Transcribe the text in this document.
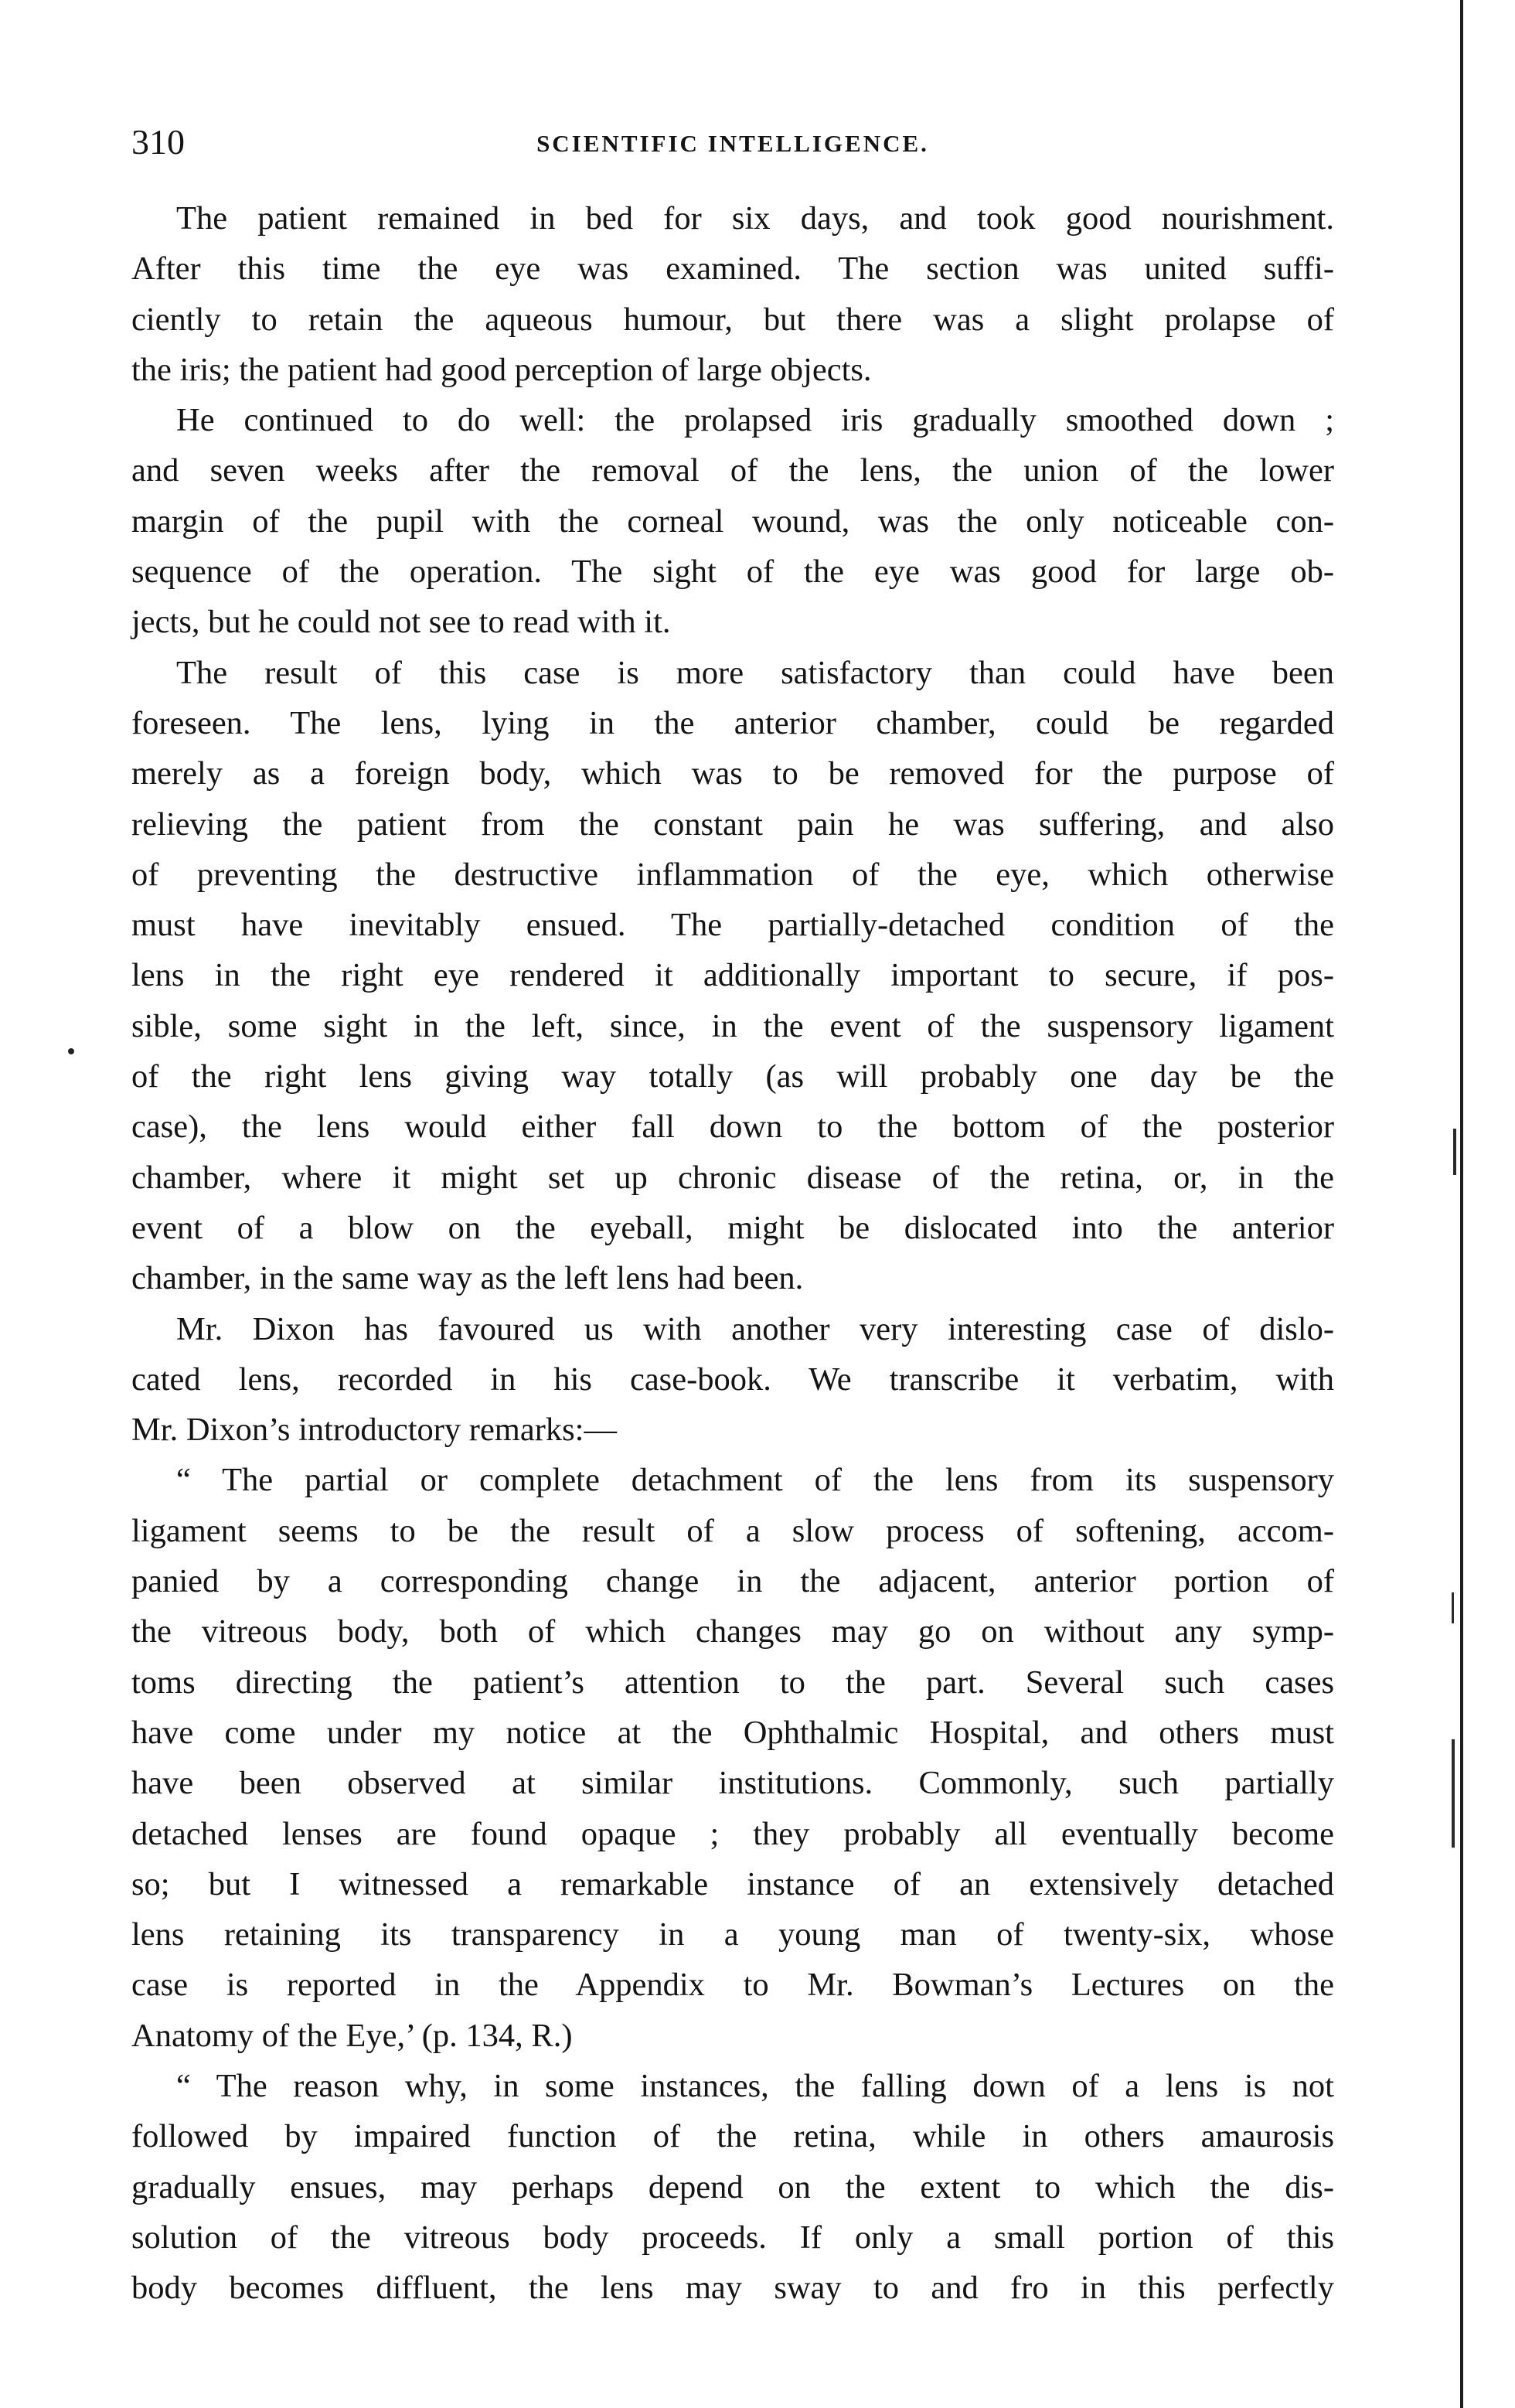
310	SCIENTIFIC INTELLIGENCE.

The patient remained in bed for six days, and took good nourishment.

After this time the eye was examined. The section was united suffi-

ciently to retain the aqueous humour, but there was a slight prolapse of

the iris; the patient had good perception of large objects.

He continued to do well: the prolapsed iris gradually smoothed down ;

and seven weeks after the removal of the lens, the union of the lower

margin of the pupil with the corneal wound, was the only noticeable con-

sequence of the operation. The sight of the eye was good for large ob-

jects, but he could not see to read with it.

The result of this case is more satisfactory than could have been

foreseen. The lens, lying in the anterior chamber, could be regarded

merely as a foreign body, which was to be removed for the purpose of

relieving the patient from the constant pain he was suffering, and also

of preventing the destructive inflammation of the eye, which otherwise

must have inevitably ensued. The partially-detached condition of the

lens in the right eye rendered it additionally important to secure, if pos-

sible, some sight in the left, since, in the event of the suspensory ligament

of the right lens giving way totally (as will probably one day be the

case), the lens would either fall down to the bottom of the posterior

chamber, where it might set up chronic disease of the retina, or, in the

event of a blow on the eyeball, might be dislocated into the anterior

chamber, in the same way as the left lens had been.

Mr. Dixon has favoured us with another very interesting case of dislo-

cated lens, recorded in his case-book. We transcribe it verbatim, with

Mr. Dixon’s introductory remarks:—

“ The partial or complete detachment of the lens from its suspensory

ligament seems to be the result of a slow process of softening, accom-

panied by a corresponding change in the adjacent, anterior portion of

the vitreous body, both of which changes may go on without any symp-

toms directing the patient’s attention to the part. Several such cases

have come under my notice at the Ophthalmic Hospital, and others must

have been observed at similar institutions. Commonly, such partially

detached lenses are found opaque ; they probably all eventually become

so; but I witnessed a remarkable instance of an extensively detached

lens retaining its transparency in a young man of twenty-six, whose

case is reported in the Appendix to Mr. Bowman’s Lectures on the

Anatomy of the Eye,’ (p. 134, R.)

“ The reason why, in some instances, the falling down of a lens is not

followed by impaired function of the retina, while in others amaurosis

gradually ensues, may perhaps depend on the extent to which the dis-

solution of the vitreous body proceeds. If only a small portion of this

body becomes diffluent, the lens may sway to and fro in this perfectly
